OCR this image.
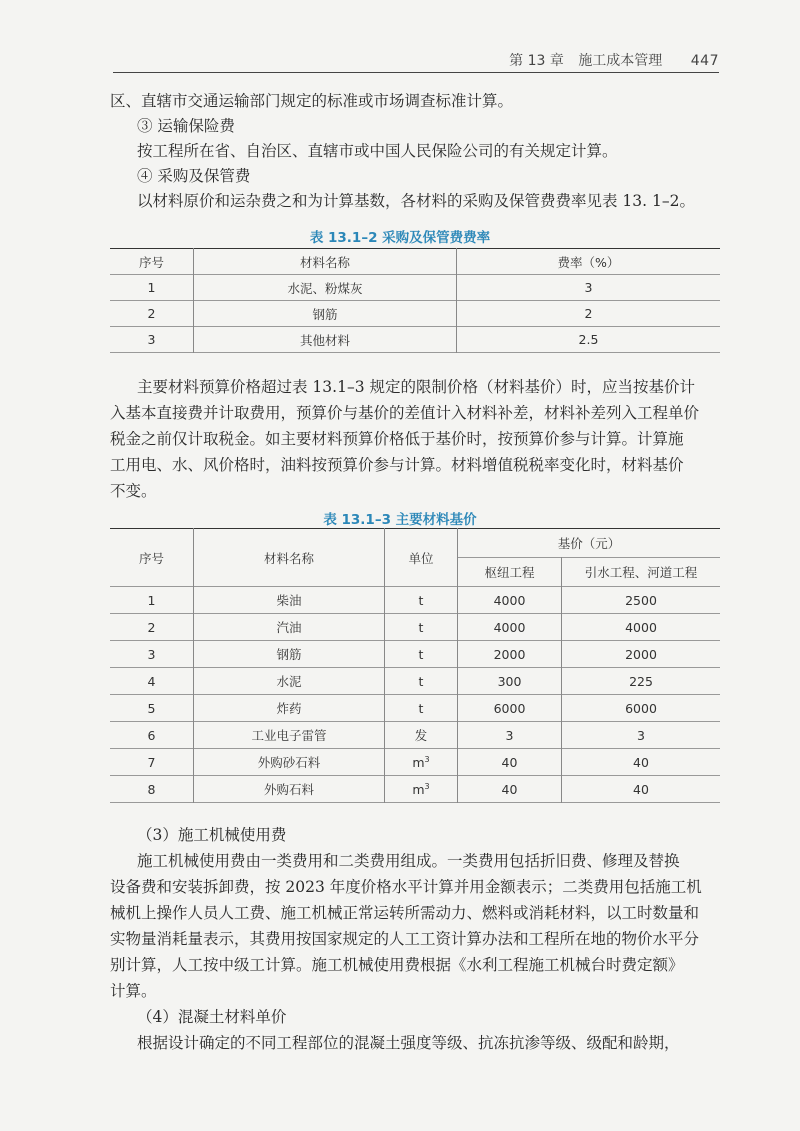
第 13 章 施工成本管理 447

区、直辖市交通运输部门规定的标准或市场调查标准计算。

③ 运输保险费

按工程所在省、自治区、直辖市或中国人民保险公司的有关规定计算。

④ 采购及保管费

以材料原价和运杂费之和为计算基数，各材料的采购及保管费费率见表 13. 1–2。

表 13.1–2 采购及保管费费率
序号	材料名称	费率（%）
1	水泥、粉煤灰	3
2	钢筋	2
3	其他材料	2.5

主要材料预算价格超过表 13.1–3 规定的限制价格（材料基价）时，应当按基价计

入基本直接费并计取费用，预算价与基价的差值计入材料补差，材料补差列入工程单价

税金之前仅计取税金。如主要材料预算价格低于基价时，按预算价参与计算。计算施

工用电、水、风价格时，油料按预算价参与计算。材料增值税税率变化时，材料基价

不变。

表 13.1–3 主要材料基价
序号	材料名称	单位	基价（元）	
			枢纽工程	引水工程、河道工程
1	柴油	t	4000	2500
2	汽油	t	4000	4000
3	钢筋	t	2000	2000
4	水泥	t	300	225
5	炸药	t	6000	6000
6	工业电子雷管	发	3	3
7	外购砂石料	$m^3$	40	40
8	外购石料	$m^3$	40	40

（3）施工机械使用费

施工机械使用费由一类费用和二类费用组成。一类费用包括折旧费、修理及替换

设备费和安装拆卸费，按 2023 年度价格水平计算并用金额表示；二类费用包括施工机

械机上操作人员人工费、施工机械正常运转所需动力、燃料或消耗材料，以工时数量和

实物量消耗量表示，其费用按国家规定的人工工资计算办法和工程所在地的物价水平分

别计算，人工按中级工计算。施工机械使用费根据《水利工程施工机械台时费定额》

计算。

（4）混凝土材料单价

根据设计确定的不同工程部位的混凝土强度等级、抗冻抗渗等级、级配和龄期，
